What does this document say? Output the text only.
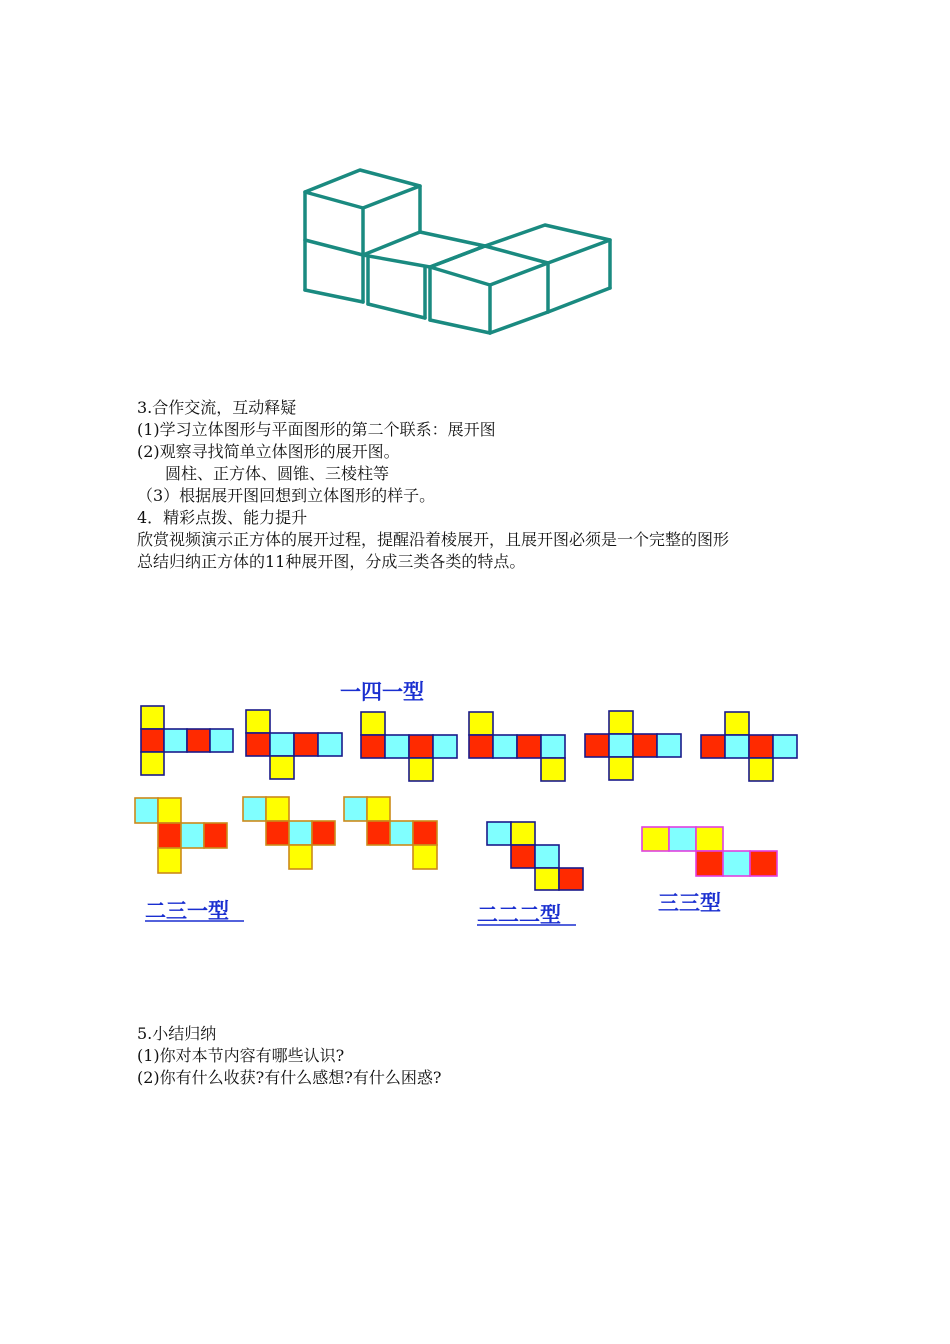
3.合作交流，互动释疑

(1)学习立体图形与平面图形的第二个联系：展开图

(2)观察寻找简单立体图形的展开图。

圆柱、正方体、圆锥、三棱柱等

（3）根据展开图回想到立体图形的样子。

4．精彩点拨、能力提升

欣赏视频演示正方体的展开过程，提醒沿着棱展开，且展开图必须是一个完整的图形

总结归纳正方体的11种展开图，分成三类各类的特点。

一四一型
二三一型	二二二型	三三型

5.小结归纳

(1)你对本节内容有哪些认识?

(2)你有什么收获?有什么感想?有什么困惑?
